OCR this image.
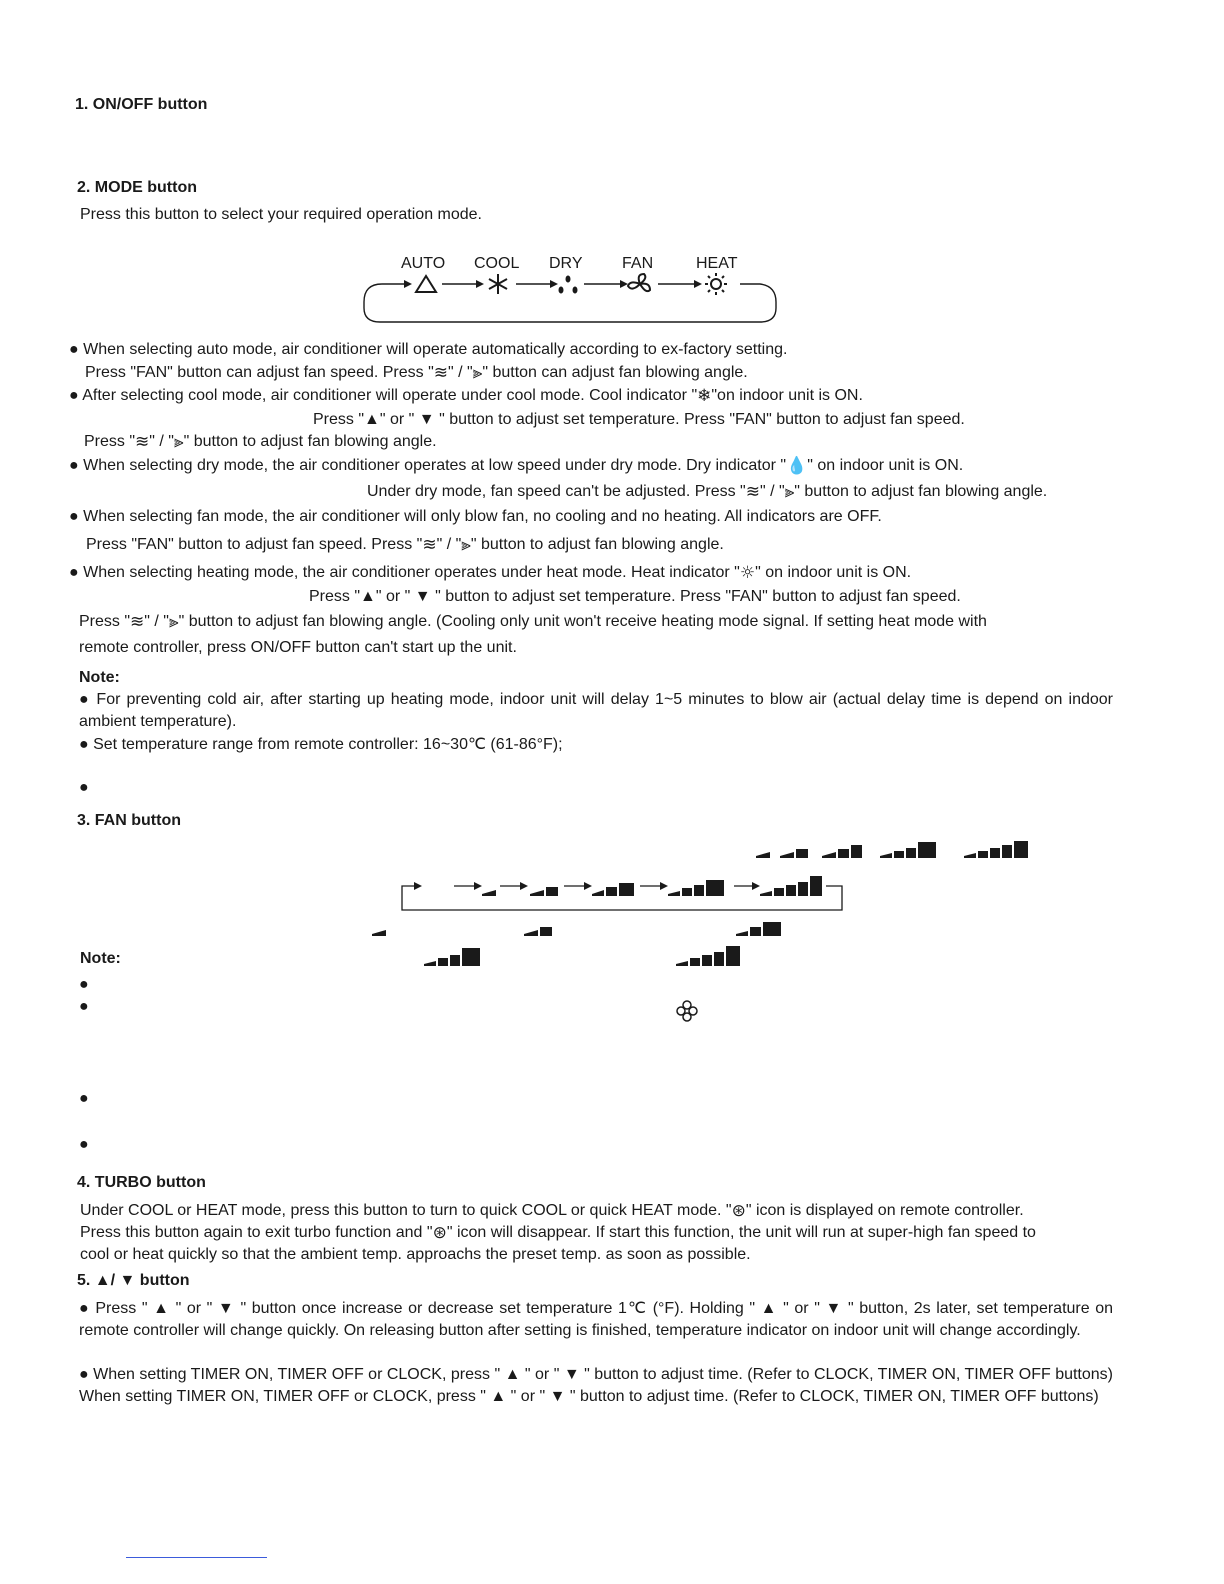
1. ON/OFF button
2. MODE button
Press this button to select your required operation mode.
AUTO COOL DRY FAN	HEAT
● When selecting auto mode, air conditioner will operate automatically according to ex-factory setting.
Press "FAN" button can adjust fan speed. Press "≋" / "⫸" button can adjust fan blowing angle.
● After selecting cool mode, air conditioner will operate under cool mode. Cool indicator "❄"on indoor unit is ON.
Press "▲" or " ▼ " button to adjust set temperature. Press "FAN" button to adjust fan speed.
Press "≋" / "⫸" button to adjust fan blowing angle.
● When selecting dry mode, the air conditioner operates at low speed under dry mode. Dry indicator "💧" on indoor unit is ON.
Under dry mode, fan speed can't be adjusted. Press "≋" / "⫸" button to adjust fan blowing angle.
● When selecting fan mode, the air conditioner will only blow fan, no cooling and no heating. All indicators are OFF.
Press "FAN" button to adjust fan speed. Press "≋" / "⫸" button to adjust fan blowing angle.
● When selecting heating mode, the air conditioner operates under heat mode. Heat indicator "☼" on indoor unit is ON.
Press "▲" or " ▼ " button to adjust set temperature. Press "FAN" button to adjust fan speed.
Press "≋" / "⫸" button to adjust fan blowing angle. (Cooling only unit won't receive heating mode signal. If setting heat mode with
remote controller, press ON/OFF button can't start up the unit.
Note:
● For preventing cold air, after starting up heating mode, indoor unit will delay 1~5 minutes to blow air (actual delay time is depend on indoor ambient temperature).
● Set temperature range from remote controller: 16~30℃ (61-86°F);
●
3. FAN button
Note:
●
●
●
●
4. TURBO button
Under COOL or HEAT mode, press this button to turn to quick COOL or quick HEAT mode. "⊛" icon is displayed on remote controller.
Press this button again to exit turbo function and "⊛" icon will disappear. If start this function, the unit will run at super-high fan speed to
cool or heat quickly so that the ambient temp. approachs the preset temp. as soon as possible.
5. ▲/ ▼ button
● Press " ▲ " or " ▼ " button once increase or decrease set temperature 1℃ (°F). Holding " ▲ " or " ▼ " button, 2s later, set temperature on remote controller will change quickly. On releasing button after setting is finished, temperature indicator on indoor unit will change accordingly.
● When setting TIMER ON, TIMER OFF or CLOCK, press " ▲ " or " ▼ " button to adjust time. (Refer to CLOCK, TIMER ON, TIMER OFF buttons) When setting TIMER ON, TIMER OFF or CLOCK, press " ▲ " or " ▼ " button to adjust time. (Refer to CLOCK, TIMER ON, TIMER OFF buttons)
